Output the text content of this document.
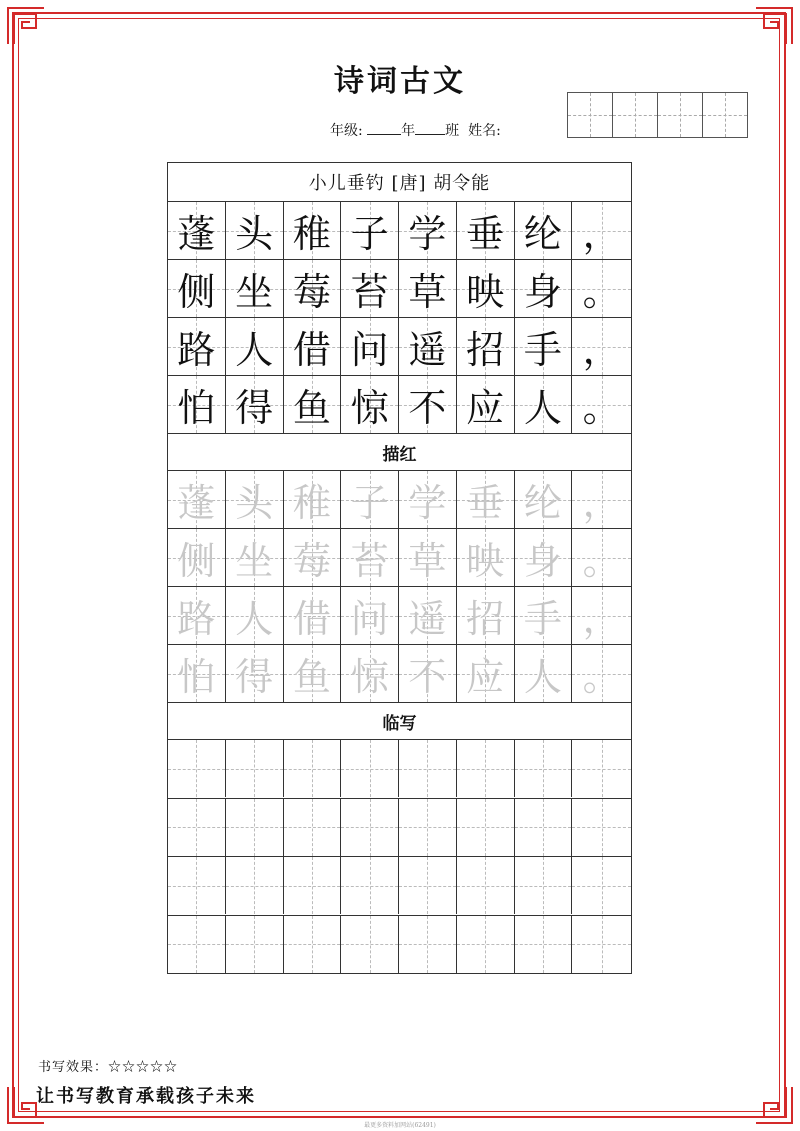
诗词古文
年级:	年 班 姓名:
小儿垂钓 [唐] 胡令能
蓬 头 稚 子 学 垂 纶 ，
侧 坐 莓 苔 草 映 身 。
路 人 借 问 遥 招 手 ，
怕 得 鱼 惊 不 应 人 。
描红
蓬 头 稚 子 学 垂 纶 ，
侧 坐 莓 苔 草 映 身 。
路 人 借 问 遥 招 手 ，
怕 得 鱼 惊 不 应 人 。
临写
书写效果：☆☆☆☆☆
让书写教育承载孩子未来
最更多资料加网站(62491)
